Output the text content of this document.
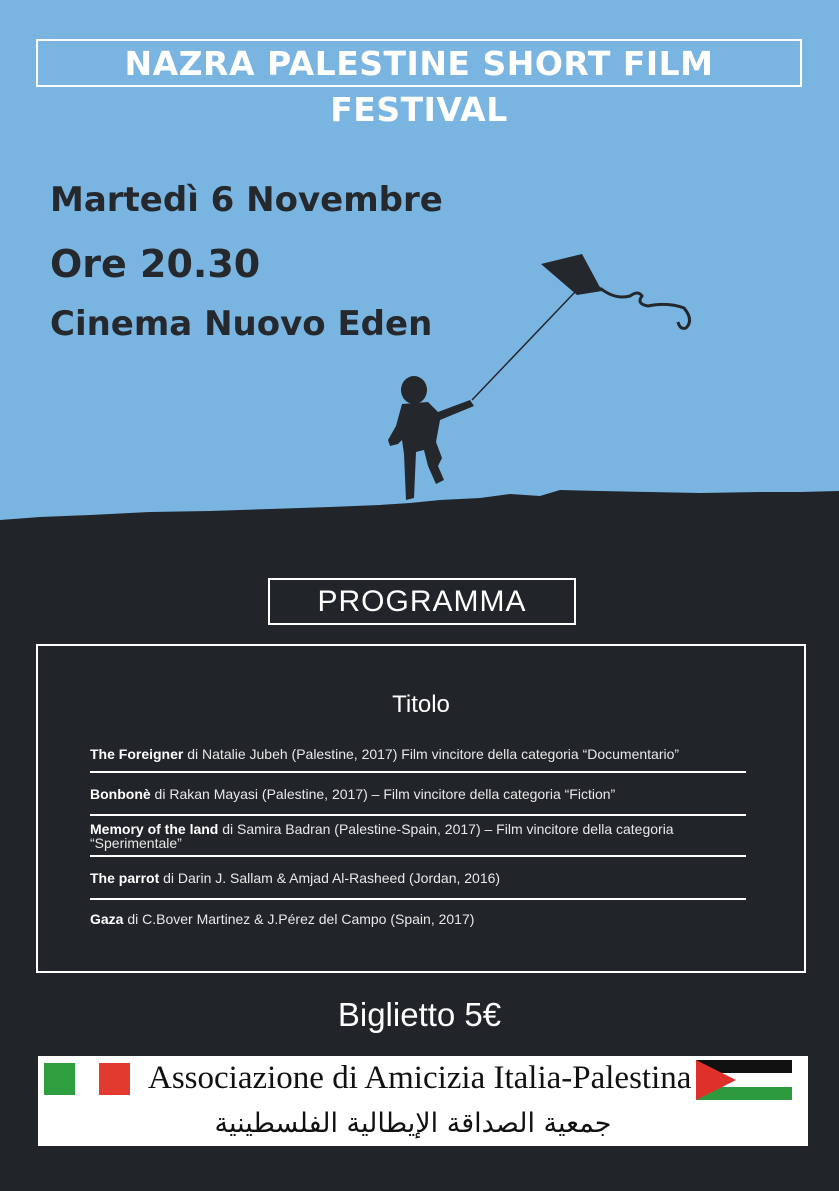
NAZRA PALESTINE SHORT FILM FESTIVAL
Martedì 6 Novembre
Ore 20.30
Cinema Nuovo Eden
PROGRAMMA
Titolo
The Foreigner di Natalie Jubeh (Palestine, 2017) Film vincitore della categoria “Documentario”
Bonbonè di Rakan Mayasi (Palestine, 2017) – Film vincitore della categoria “Fiction”
Memory of the land di Samira Badran (Palestine-Spain, 2017) – Film vincitore della categoria “Sperimentale”
The parrot di Darin J. Sallam & Amjad Al-Rasheed (Jordan, 2016)
Gaza di C.Bover Martinez & J.Pérez del Campo (Spain, 2017)
Biglietto 5€
Associazione di Amicizia Italia-Palestina
جمعية الصداقة الإيطالية الفلسطينية
